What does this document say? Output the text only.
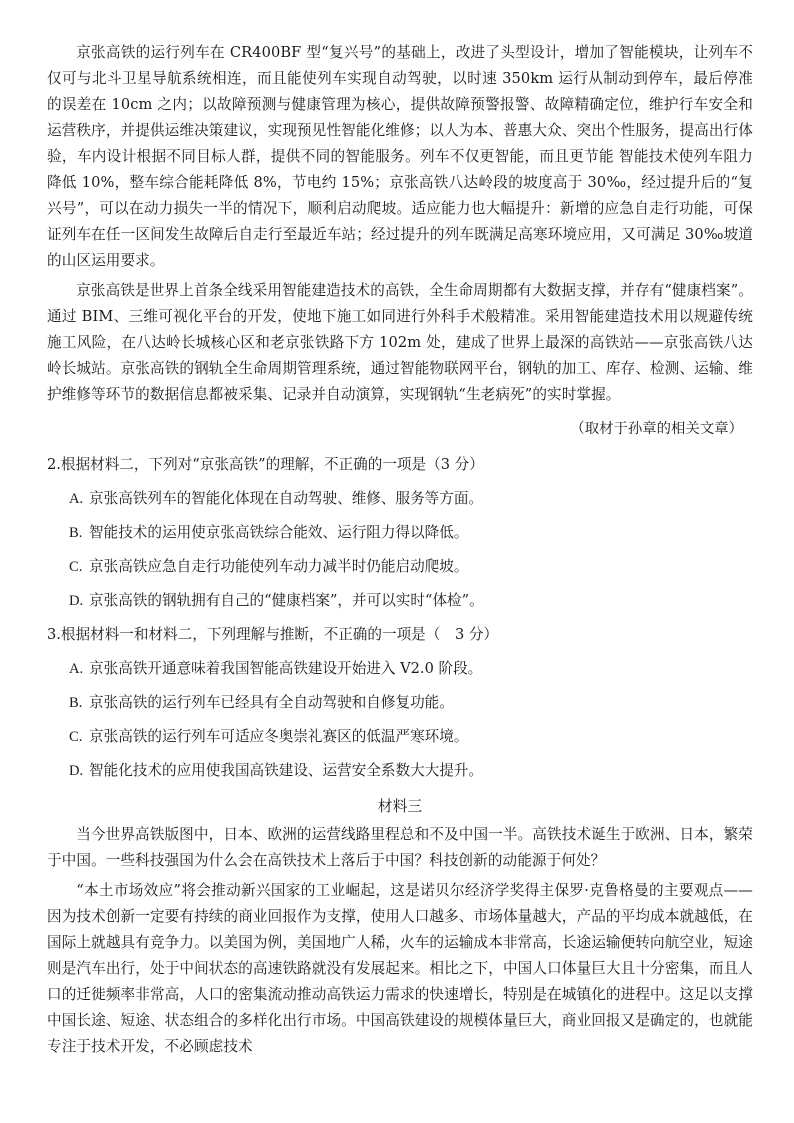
京张高铁的运行列车在 CR400BF 型“复兴号”的基础上，改进了头型设计，增加了智能模块，让列车不仅可与北斗卫星导航系统相连，而且能使列车实现自动驾驶，以时速 350km 运行从制动到停车，最后停准的误差在 10cm 之内；以故障预测与健康管理为核心，提供故障预警报警、故障精确定位，维护行车安全和运营秩序，并提供运维决策建议，实现预见性智能化维修；以人为本、普惠大众、突出个性服务，提高出行体验，车内设计根据不同目标人群，提供不同的智能服务。列车不仅更智能，而且更节能 智能技术使列车阻力降低 10%，整车综合能耗降低 8%，节电约 15%；京张高铁八达岭段的坡度高于 30‰，经过提升后的“复兴号”，可以在动力损失一半的情况下，顺利启动爬坡。适应能力也大幅提升：新增的应急自走行功能，可保证列车在任一区间发生故障后自走行至最近车站；经过提升的列车既满足高寒环境应用，又可满足 30‰坡道的山区运用要求。

京张高铁是世界上首条全线采用智能建造技术的高铁，全生命周期都有大数据支撑，并存有“健康档案”。通过 BIM、三维可视化平台的开发，使地下施工如同进行外科手术般精准。采用智能建造技术用以规避传统施工风险，在八达岭长城核心区和老京张铁路下方 102m 处，建成了世界上最深的高铁站——京张高铁八达岭长城站。京张高铁的钢轨全生命周期管理系统，通过智能物联网平台，钢轨的加工、库存、检测、运输、维护维修等环节的数据信息都被采集、记录并自动演算，实现钢轨“生老病死”的实时掌握。

（取材于孙章的相关文章）
2.根据材料二，下列对“京张高铁”的理解，不正确的一项是（3 分）
A. 京张高铁列车的智能化体现在自动驾驶、维修、服务等方面。
B. 智能技术的运用使京张高铁综合能效、运行阻力得以降低。
C. 京张高铁应急自走行功能使列车动力减半时仍能启动爬坡。
D. 京张高铁的钢轨拥有自己的“健康档案”，并可以实时“体检”。
3.根据材料一和材料二，下列理解与推断，不正确的一项是（　3 分）
A. 京张高铁开通意味着我国智能高铁建设开始进入 V2.0 阶段。
B. 京张高铁的运行列车已经具有全自动驾驶和自修复功能。
C. 京张高铁的运行列车可适应冬奥崇礼赛区的低温严寒环境。
D. 智能化技术的应用使我国高铁建设、运营安全系数大大提升。
材料三

当今世界高铁版图中，日本、欧洲的运营线路里程总和不及中国一半。高铁技术诞生于欧洲、日本，繁荣于中国。一些科技强国为什么会在高铁技术上落后于中国？科技创新的动能源于何处？

“本土市场效应”将会推动新兴国家的工业崛起，这是诺贝尔经济学奖得主保罗·克鲁格曼的主要观点——因为技术创新一定要有持续的商业回报作为支撑，使用人口越多、市场体量越大，产品的平均成本就越低，在国际上就越具有竞争力。以美国为例，美国地广人稀，火车的运输成本非常高，长途运输便转向航空业，短途则是汽车出行，处于中间状态的高速铁路就没有发展起来。相比之下，中国人口体量巨大且十分密集，而且人口的迁徙频率非常高，人口的密集流动推动高铁运力需求的快速增长，特别是在城镇化的进程中。这足以支撑中国长途、短途、状态组合的多样化出行市场。中国高铁建设的规模体量巨大，商业回报又是确定的，也就能专注于技术开发，不必顾虑技术
